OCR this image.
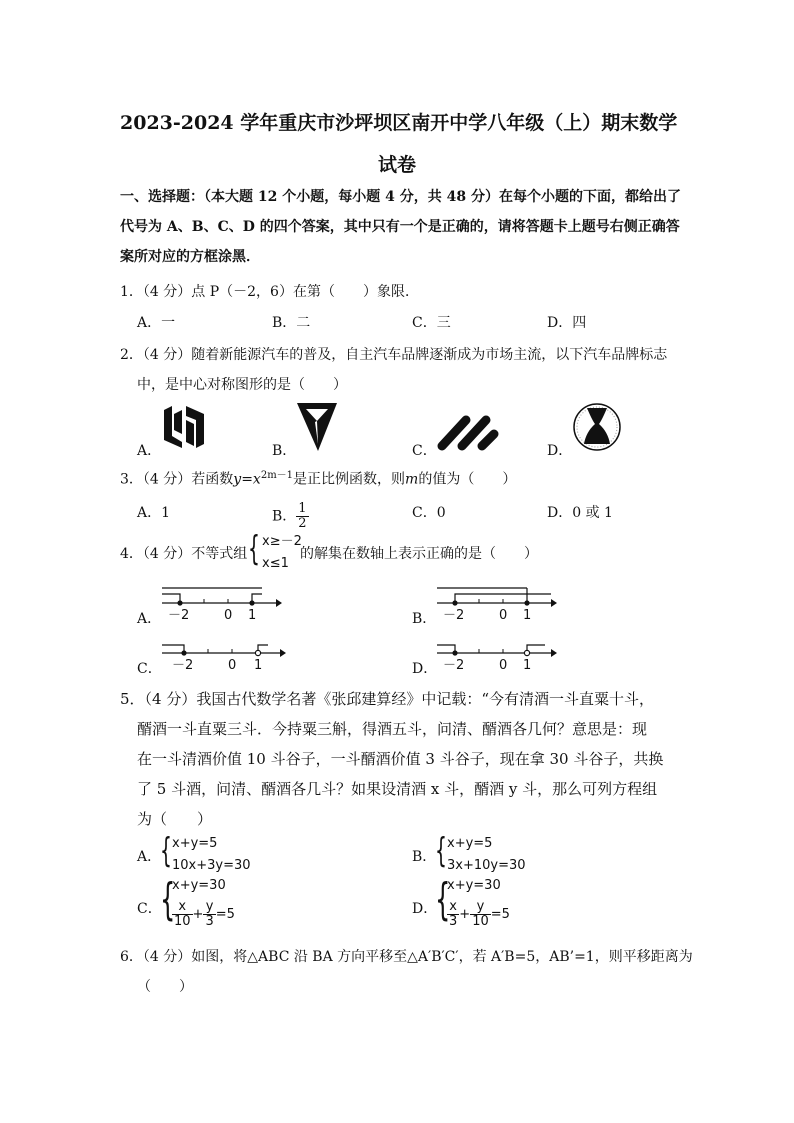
2023-2024 学年重庆市沙坪坝区南开中学八年级（上）期末数学
试卷
一、选择题：（本大题 12 个小题，每小题 4 分，共 48 分）在每个小题的下面，都给出了
代号为 A、B、C、D 的四个答案，其中只有一个是正确的，请将答题卡上题号右侧正确答
案所对应的方框涂黑．
1．（4 分）点 P（－2，6）在第（　　）象限．
A．一	B．二	C．三	D．四
2．（4 分）随着新能源汽车的普及，自主汽车品牌逐渐成为市场主流，以下汽车品牌标志
中，是中心对称图形的是（　　）
A．	B．	C．	D．
3．（4 分）若函数$y=x^{2m-1}$是正比例函数，则m的值为（　　）
A．1	B． $\frac{1}{2}$	C．0	D．0 或 1
4．（4 分）不等式组 { x≥－2
x≤1
的解集在数轴上表示正确的是（　　）
A． －2	0 1	B． －2	0 1
C． －2	0 1	D． －2	0 1
5．（4 分）我国古代数学名著《张邱建算经》中记载：“今有清酒一斗直粟十斗，
醑酒一斗直粟三斗．今持粟三斛，得酒五斗，问清、醑酒各几何？意思是：现
在一斗清酒价值 10 斗谷子，一斗醑酒价值 3 斗谷子，现在拿 30 斗谷子，共换
了 5 斗酒，问清、醑酒各几斗？如果设清酒 x 斗，醑酒 y 斗，那么可列方程组
为（　　）
A．
{ x+y=5
10x+3y=30
B．
{ x+y=5
3x+10y=30
C．
{
x+y=30
$\frac{x}{10} + \frac{y}{3} =5$	D．
{
x+y=30
$\frac{x}{3} + \frac{y}{10} =5$
6．（4 分）如图，将△ABC 沿 BA 方向平移至△A′B′C′，若 A′B=5，AB’=1，则平移距离为
（　　）
